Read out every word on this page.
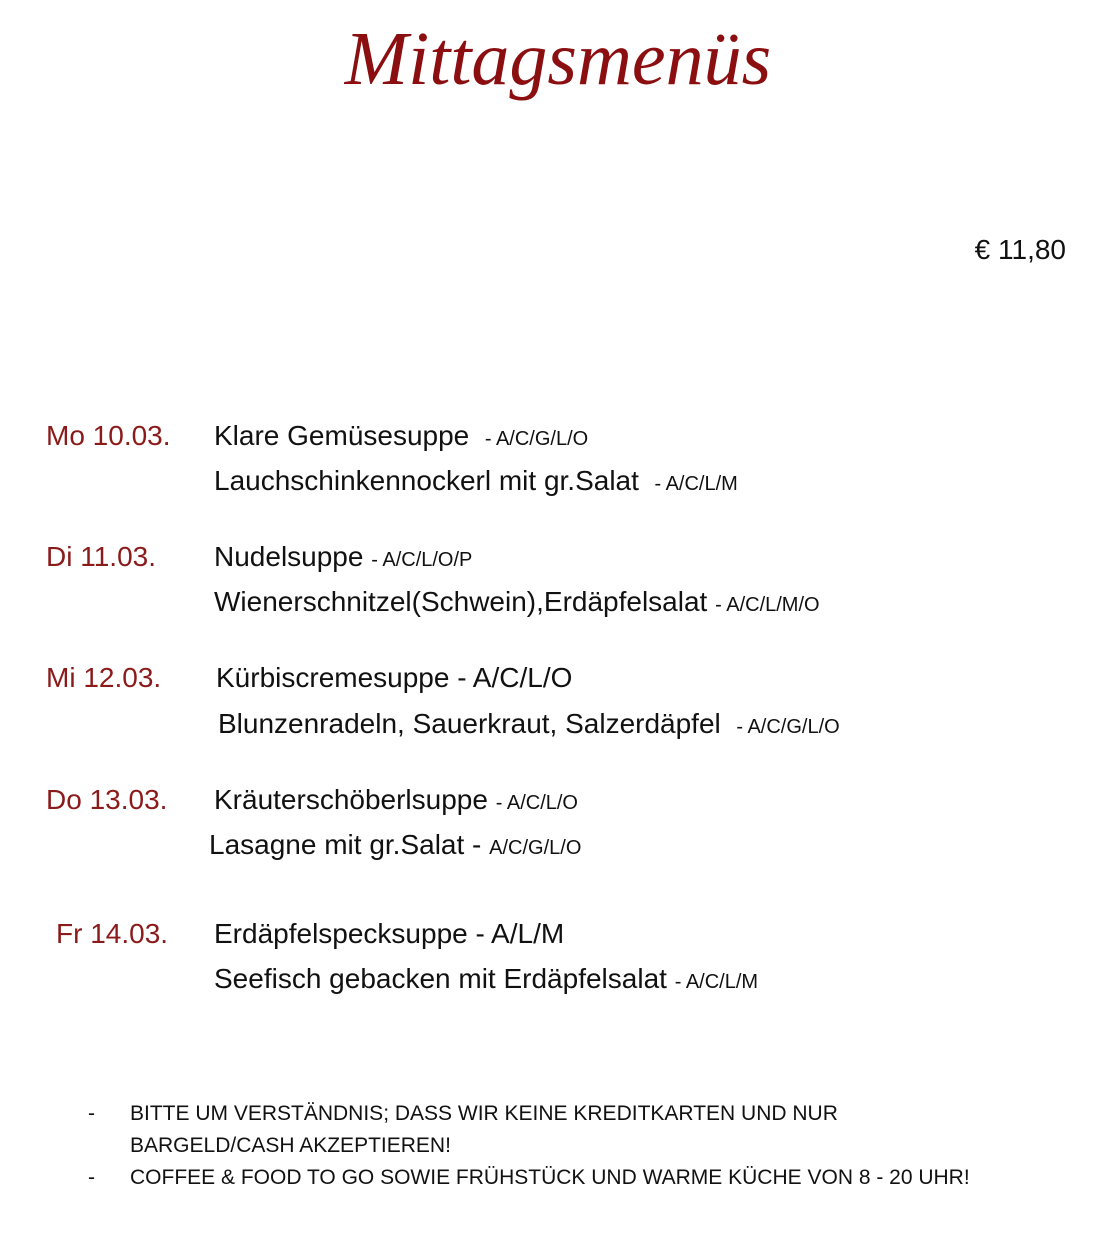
Mittagsmenüs
€ 11,80
Mo 10.03. Klare Gemüsesuppe - A/C/G/L/O
Lauchschinkennockerl mit gr.Salat - A/C/L/M
Di 11.03. Nudelsuppe - A/C/L/O/P
Wienerschnitzel(Schwein),Erdäpfelsalat - A/C/L/M/O
Mi 12.03. Kürbiscremesuppe - A/C/L/O
Blunzenradeln, Sauerkraut, Salzerdäpfel - A/C/G/L/O
Do 13.03. Kräuterschöberlsuppe - A/C/L/O
Lasagne mit gr.Salat - A/C/G/L/O
Fr 14.03. Erdäpfelspecksuppe - A/L/M
Seefisch gebacken mit Erdäpfelsalat - A/C/L/M
- BITTE UM VERSTÄNDNIS; DASS WIR KEINE KREDITKARTEN UND NUR BARGELD/CASH AKZEPTIEREN!
- COFFEE & FOOD TO GO SOWIE FRÜHSTÜCK UND WARME KÜCHE VON 8 - 20 UHR!
